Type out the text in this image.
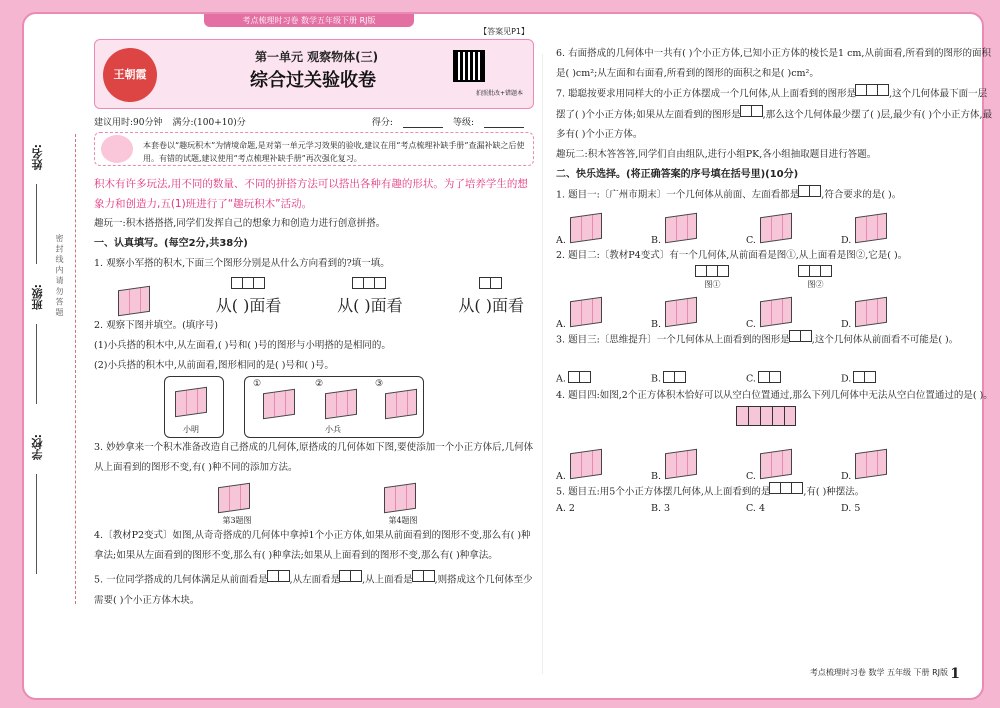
考点梳理时习卷 数学五年级下册 RJ版
姓名:
班级:
学校:
密 封 线 内 请 勿 答 题
【答案见P1】
王朝霞
第一单元 观察物体(三)
综合过关验收卷
拍照批改+错题本
建议用时:90分钟 满分:(100+10)分	得分:	等级:
本套卷以“趣玩积木”为情境命题,是对第一单元学习效果的验收,建议在用“考点梳理补缺手册”查漏补缺之后使用。有错的试题,建议使用“考点梳理补缺手册”再次强化复习。
积木有许多玩法,用不同的数量、不同的拼搭方法可以搭出各种有趣的形状。为了培养学生的想象力和创造力,五(1)班进行了“趣玩积木”活动。
趣玩一:积木搭搭搭,同学们发挥自己的想象力和创造力进行创意拼搭。
一、认真填写。(每空2分,共38分)
1. 观察小军搭的积木,下面三个图形分别是从什么方向看到的?填一填。

从( )面看	从( )面看	从( )面看
2. 观察下图并填空。(填序号)
(1)小兵搭的积木中,从左面看,( )号和( )号的图形与小明搭的是相同的。
(2)小兵搭的积木中,从前面看,图形相同的是( )号和( )号。
小明
①	②	③
小兵
3. 妙妙拿来一个积木准备改造自己搭成的几何体,原搭成的几何体如下图,要使添加一个小正方体后,几何体从上面看到的图形不变,有( )种不同的添加方法。

第3题图	第4题图
4.〔教材P2变式〕如图,从奇奇搭成的几何体中拿掉1个小正方体,如果从前面看到的图形不变,那么有( )种拿法;如果从左面看到的图形不变,那么有( )种拿法;如果从上面看到的图形不变,那么有( )种拿法。
5. 一位同学搭成的几何体满足从前面看是 ,从左面看是 ,从上面看是 ,则搭成这个几何体至少需要( )个小正方体木块。
6. 右面搭成的几何体中一共有( )个小正方体,已知小正方体的棱长是1 cm,从前面看,所看到的图形的面积是( )cm²;从左面和右面看,所看到的图形的面积之和是( )cm²。
7. 聪聪按要求用同样大的小正方体摆成一个几何体,从上面看到的图形是	,这个几何体最下面一层摆了( )个小正方体;如果从左面看到的图形是 ,那么这个几何体最少摆了( )层,最少有( )个小正方体,最多有( )个小正方体。
趣玩二:积木答答答,同学们自由组队,进行小组PK,各小组抽取题目进行答题。
二、快乐选择。(将正确答案的序号填在括号里)(10分)
1. 题目一:〔广州市期末〕一个几何体从前面、左面看都是 ,符合要求的是( )。
A.	B.	C.	D.
2. 题目二:〔教材P4变式〕有一个几何体,从前面看是图①,从上面看是图②,它是( )。

图①	图②
A.	B.	C.	D.
3. 题目三:〔思维提升〕一个几何体从上面看到的图形是 ,这个几何体从前面看不可能是( )。
A.	B.	C.	D.
4. 题目四:如图,2个正方体积木恰好可以从空白位置通过,那么下列几何体中无法从空白位置通过的是( )。
A.	B.	C.	D.
5. 题目五:用5个小正方体摆几何体,从上面看到的是	,有( )种摆法。
A. 2	B. 3	C. 4	D. 5
考点梳理时习卷 数学 五年级 下册 RJ版 1
